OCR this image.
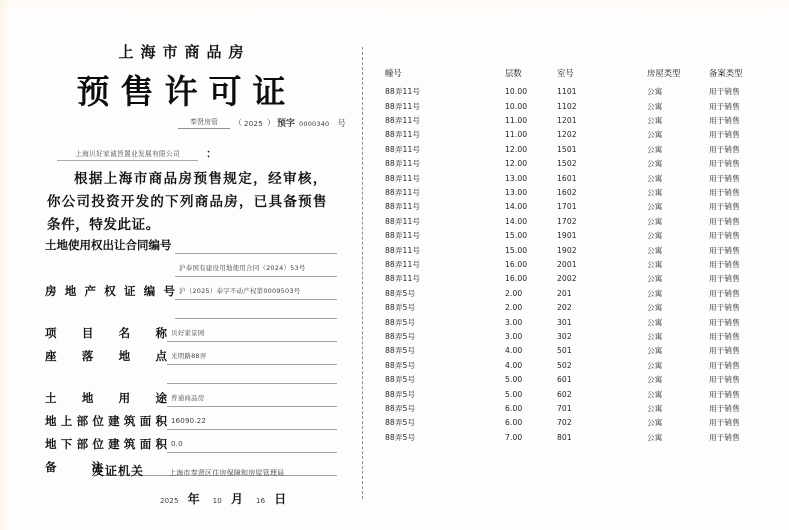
上海市商品房
预售许可证
奉贤房管	（ 2025 ） 预字 0000340 号
上海贝好家诚旨置业发展有限公司	：
根据上海市商品房预售规定，经审核，你公司投资开发的下列商品房，已具备预售条件，特发此证。
土地使用权出让合同编号
沪奉国有建设用地使用合同（2024）53号
房地产权证编号 沪（2025）奉字不动产权第0009503号
项目名称 贝好家景园
座落地点 光明路88弄
土地用途 普通商品房
地上部位建筑面积 16090.22
地下部位建筑面积 0.0
备注
发证机关	上海市奉贤区住房保障和房屋管理局
2025 年	10 月	16 日
幢号	层数	室号	房屋类型	备案类型
88弄11号	10.00	1101	公寓	用于销售
88弄11号	10.00	1102	公寓	用于销售
88弄11号	11.00	1201	公寓	用于销售
88弄11号	11.00	1202	公寓	用于销售
88弄11号	12.00	1501	公寓	用于销售
88弄11号	12.00	1502	公寓	用于销售
88弄11号	13.00	1601	公寓	用于销售
88弄11号	13.00	1602	公寓	用于销售
88弄11号	14.00	1701	公寓	用于销售
88弄11号	14.00	1702	公寓	用于销售
88弄11号	15.00	1901	公寓	用于销售
88弄11号	15.00	1902	公寓	用于销售
88弄11号	16.00	2001	公寓	用于销售
88弄11号	16.00	2002	公寓	用于销售
88弄5号	2.00	201	公寓	用于销售
88弄5号	2.00	202	公寓	用于销售
88弄5号	3.00	301	公寓	用于销售
88弄5号	3.00	302	公寓	用于销售
88弄5号	4.00	501	公寓	用于销售
88弄5号	4.00	502	公寓	用于销售
88弄5号	5.00	601	公寓	用于销售
88弄5号	5.00	602	公寓	用于销售
88弄5号	6.00	701	公寓	用于销售
88弄5号	6.00	702	公寓	用于销售
88弄5号	7.00	801	公寓	用于销售
